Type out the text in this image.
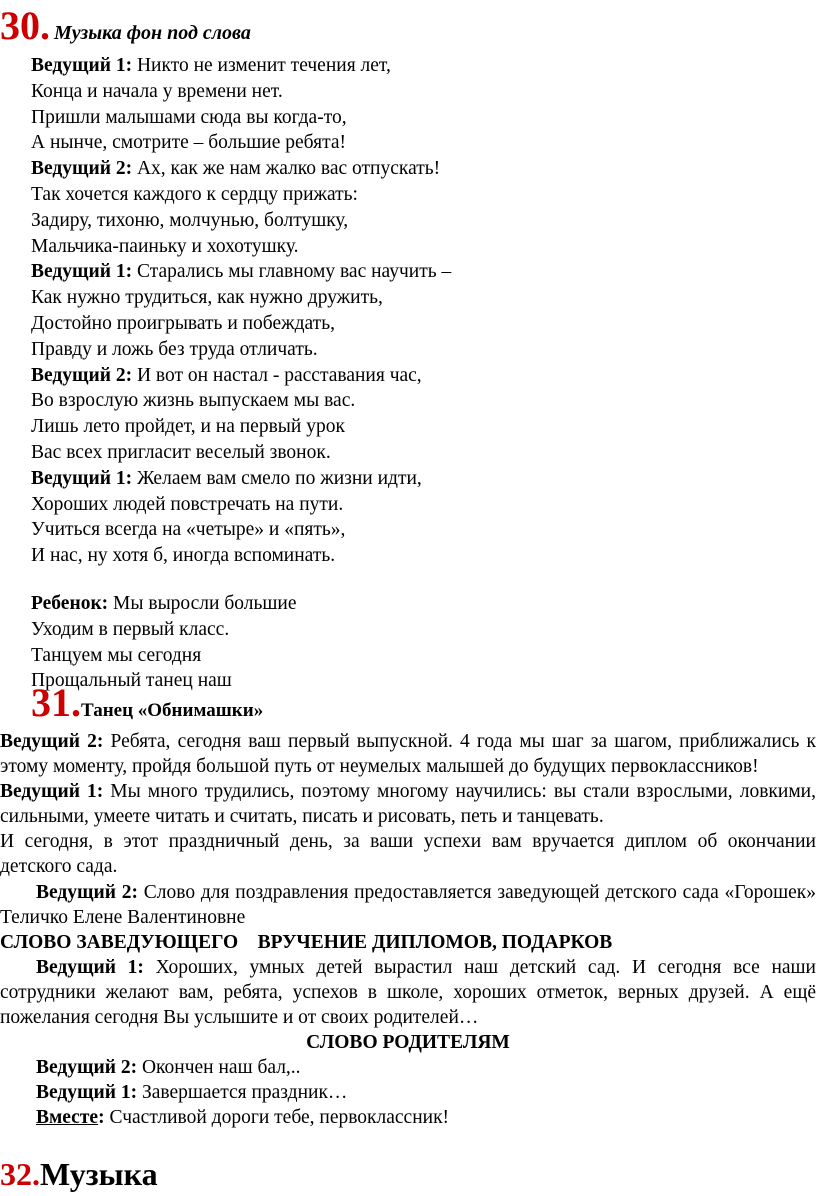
30. Музыка фон под слова
Ведущий 1: Никто не изменит течения лет,
Конца и начала у времени нет.
Пришли малышами сюда вы когда-то,
А нынче, смотрите – большие ребята!
Ведущий 2: Ах, как же нам жалко вас отпускать!
Так хочется каждого к сердцу прижать:
Задиру, тихоню, молчунью, болтушку,
Мальчика-паиньку и хохотушку.
Ведущий 1: Старались мы главному вас научить –
Как нужно трудиться, как нужно дружить,
Достойно проигрывать и побеждать,
Правду и ложь без труда отличать.
Ведущий 2: И вот он настал - расставания час,
Во взрослую жизнь выпускаем мы вас.
Лишь лето пройдет, и на первый урок
Вас всех пригласит веселый звонок.
Ведущий 1: Желаем вам смело по жизни идти,
Хороших людей повстречать на пути.
Учиться всегда на «четыре» и «пять»,
И нас, ну хотя б, иногда вспоминать.
Ребенок: Мы выросли большие
Уходим в первый класс.
Танцуем мы сегодня
Прощальный танец наш
31.Танец «Обнимашки»

Ведущий 2: Ребята, сегодня ваш первый выпускной. 4 года мы шаг за шагом, приближались к этому моменту, пройдя большой путь от неумелых малышей до будущих первоклассников!

Ведущий 1: Мы много трудились, поэтому многому научились: вы стали взрослыми, ловкими, сильными, умеете читать и считать, писать и рисовать, петь и танцевать.

И сегодня, в этот праздничный день, за ваши успехи вам вручается диплом об окончании детского сада.

Ведущий 2: Слово для поздравления предоставляется заведующей детского сада «Горошек» Теличко Елене Валентиновне

СЛОВО ЗАВЕДУЮЩЕГО    ВРУЧЕНИЕ ДИПЛОМОВ, ПОДАРКОВ

Ведущий 1: Хороших, умных детей вырастил наш детский сад. И сегодня все наши сотрудники желают вам, ребята, успехов в школе, хороших отметок, верных друзей. А ещё пожелания сегодня Вы услышите и от своих родителей…

СЛОВО РОДИТЕЛЯМ

Ведущий 2: Окончен наш бал,..

Ведущий 1: Завершается праздник…

Вместе: Счастливой дороги тебе, первоклассник!

32.Музыка
